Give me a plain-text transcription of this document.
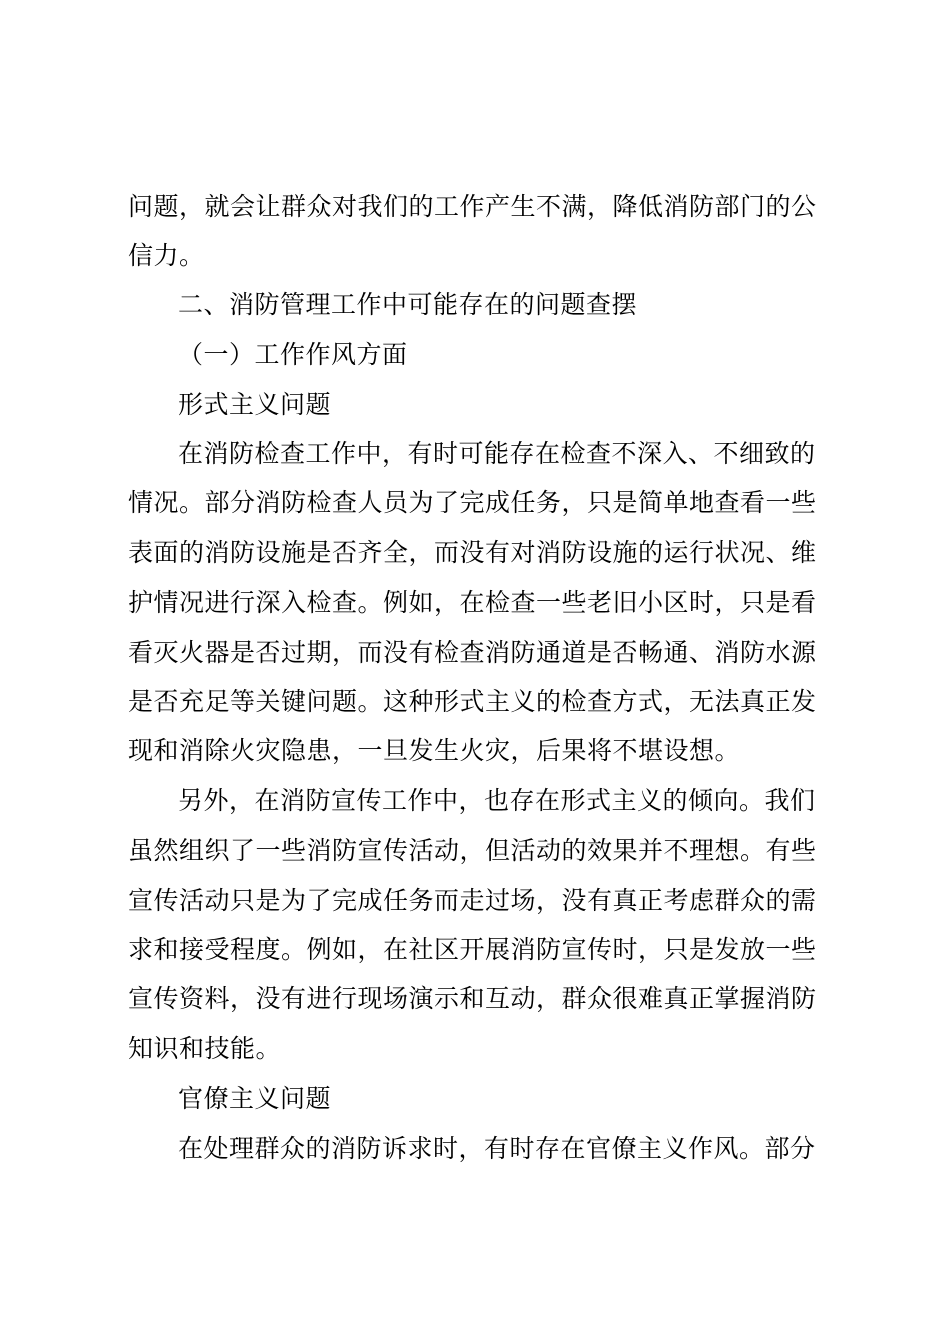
问题，就会让群众对我们的工作产生不满，降低消防部门的公
信力。
二、消防管理工作中可能存在的问题查摆
（一）工作作风方面
形式主义问题
在消防检查工作中，有时可能存在检查不深入、不细致的
情况。部分消防检查人员为了完成任务，只是简单地查看一些
表面的消防设施是否齐全，而没有对消防设施的运行状况、维
护情况进行深入检查。例如，在检查一些老旧小区时，只是看
看灭火器是否过期，而没有检查消防通道是否畅通、消防水源
是否充足等关键问题。这种形式主义的检查方式，无法真正发
现和消除火灾隐患，一旦发生火灾，后果将不堪设想。
另外，在消防宣传工作中，也存在形式主义的倾向。我们
虽然组织了一些消防宣传活动，但活动的效果并不理想。有些
宣传活动只是为了完成任务而走过场，没有真正考虑群众的需
求和接受程度。例如，在社区开展消防宣传时，只是发放一些
宣传资料，没有进行现场演示和互动，群众很难真正掌握消防
知识和技能。
官僚主义问题
在处理群众的消防诉求时，有时存在官僚主义作风。部分
